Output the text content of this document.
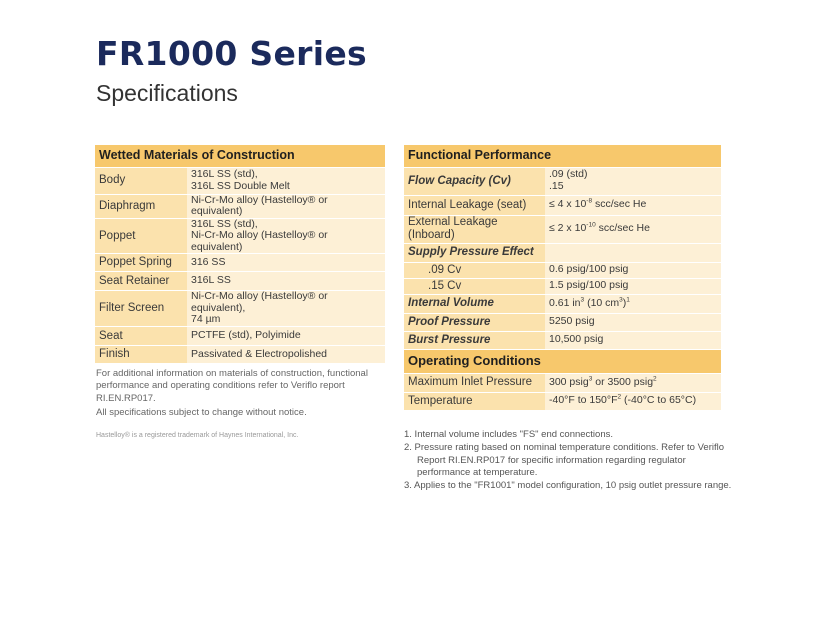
FR1000 Series
Specifications
Wetted Materials of Construction	
Body	316L SS (std),
316L SS Double Melt
Diaphragm	Ni-Cr-Mo alloy (Hastelloy® or equivalent)
Poppet	316L SS (std),
Ni-Cr-Mo alloy (Hastelloy® or equivalent)
Poppet Spring	316 SS
Seat Retainer	316L SS
Filter Screen	Ni-Cr-Mo alloy (Hastelloy® or equivalent),
74 µm
Seat	PCTFE (std), Polyimide
Finish	Passivated & Electropolished

For additional information on materials of construction, functional performance and operating conditions refer to Veriflo report RI.EN.RP017.

All specifications subject to change without notice.

Hastelloy® is a registered trademark of Haynes International, Inc.

Functional Performance	
Flow Capacity (Cv)	.09 (std)
.15
Internal Leakage (seat)	≤ 4 x $10^{-8}$ scc/sec He
External Leakage
(Inboard)	≤ 2 x $10^{-10}$ scc/sec He
Supply Pressure Effect	
.09 Cv	0.6 psig/100 psig
.15 Cv	1.5 psig/100 psig
Internal Volume	0.61 $in^3$ (10 $cm^3)^1$
Proof Pressure	5250 psig
Burst Pressure	10,500 psig
Operating Conditions	
Maximum Inlet Pressure	300 psig$^3$ or 3500 psig$^2$
Temperature	-40°F to $150^\circ F^2$ (-40°C to 65°C)
1. Internal volume includes "FS" end connections.
2. Pressure rating based on nominal temperature conditions. Refer to Veriflo Report RI.EN.RP017 for specific information regarding regulator performance at temperature.
3. Applies to the "FR1001" model configuration, 10 psig outlet pressure range.
